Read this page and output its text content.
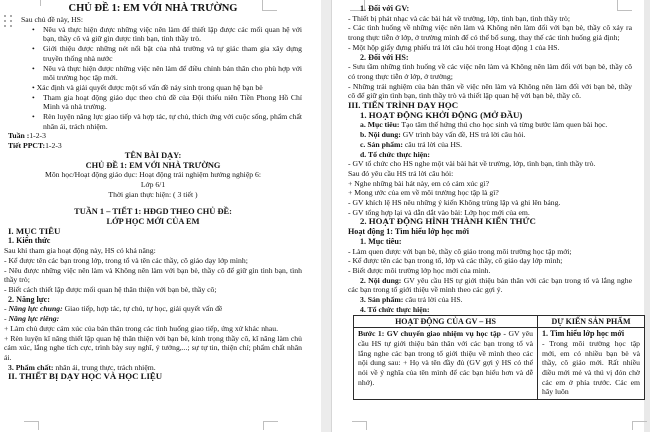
CHỦ ĐỀ 1: EM VỚI NHÀ TRƯỜNG
Sau chủ đề này, HS:
• Nêu và thực hiện được những việc nên làm để thiết lập được các mối quan hệ với bạn, thầy cô và giữ gìn được tình bạn, tình thầy trò.
• Giới thiệu được những nét nổi bật của nhà trường và tự giác tham gia xây dựng truyền thống nhà nước
• Nêu và thực hiện được những việc nên làm để điều chỉnh bản thân cho phù hợp với môi trường học tập mới.
• Xác định và giải quyết được một số vấn đề nảy sinh trong quan hệ bạn bè
• Tham gia hoạt động giáo dục theo chủ đề của Đội thiếu niên Tiền Phong Hồ Chí Minh và nhà trường.
• Rèn luyện năng lực giao tiếp và hợp tác, tự chủ, thích ứng với cuộc sống, phẩm chất nhân ái, trách nhiệm.
Tuần :1-2-3
Tiết PPCT:1-2-3
TÊN BÀI DẠY:
CHỦ ĐỀ 1: EM VỚI NHÀ TRƯỜNG
Môn học/Hoạt động giáo dục: Hoạt động trải nghiệm hướng nghiệp 6:
Lớp 6/1
Thời gian thực hiện: ( 3 tiết )
TUẦN 1 – TIẾT 1: HĐGD THEO CHỦ ĐỀ:
LỚP HỌC MỚI CỦA EM
I. MỤC TIÊU
1. Kiến thức
Sau khi tham gia hoạt động này, HS có khả năng:
- Kể được tên các bạn trong lớp, trong tổ và tên các thầy, cô giáo dạy lớp mình;
- Nêu được những việc nên làm và Không nên làm với bạn bè, thầy cô để giữ gìn tình bạn, tình thầy trò;
- Biết cách thiết lập được mối quan hệ thân thiện với bạn bè, thầy cô;
2. Năng lực:
- Năng lực chung: Giao tiếp, hợp tác, tự chủ, tự học, giải quyết vấn đề
- Năng lực riêng:
+ Làm chủ được cảm xúc của bản thân trong các tình huống giao tiếp, ứng xử khác nhau.
+ Rèn luyện kĩ năng thiết lập quan hệ thân thiện với bạn bè, kính trọng thầy cô, kĩ năng làm chủ cảm xúc, lắng nghe tích cực, trình bày suy nghĩ, ý tưởng,...; sự tự tin, thiện chí; phẩm chất nhân ái.
3. Phẩm chất: nhân ái, trung thực, trách nhiệm.
II. THIẾT BỊ DẠY HỌC VÀ HỌC LIỆU
1. Đối với GV:
- Thiết bị phát nhạc và các bài hát về trường, lớp, tình bạn, tình thầy trò;
- Các tình huống về những việc nên làm và Không nên làm đối với bạn bè, thầy cô xảy ra trong thực tiễn ở lớp, ở trường mình để có thể bổ sung, thay thế các tình huống giả định;
- Một hộp giấy đựng phiếu trả lời câu hỏi trong Hoạt động 1 của HS.
2. Đối với HS:
- Sưu tầm những tình huống về các việc nên làm và Không nên làm đối với bạn bè, thầy cô có trong thực tiễn ở lớp, ở trường;
- Những trải nghiệm của bản thân về việc nên làm và Không nên làm đối với bạn bè, thầy cô để giữ gìn tình bạn, tình thầy trò và thiết lập quan hệ với bạn bè, thầy cô.
III. TIẾN TRÌNH DẠY HỌC
1. HOẠT ĐỘNG KHỞI ĐỘNG (MỞ ĐẦU)
a. Mục tiêu: Tạo tâm thế hứng thú cho học sinh và từng bước làm quen bài học.
b. Nội dung: GV trình bày vấn đề, HS trả lời câu hỏi.
c. Sản phẩm: câu trả lời của HS.
d. Tổ chức thực hiện:
- GV tổ chức cho HS nghe một vài bài hát về trường, lớp, tình bạn, tình thầy trò.
Sau đó yêu cầu HS trả lời câu hỏi:
+ Nghe những bài hát này, em có cảm xúc gì?
+ Mong ước của em về môi trường học tập là gì?
- GV khích lệ HS nêu những ý kiến Không trùng lặp và ghi lên bảng.
- GV tổng hợp lại và dẫn dắt vào bài: Lớp học mới của em.
2. HOẠT ĐỘNG HÌNH THÀNH KIẾN THỨC
Hoạt động 1: Tìm hiểu lớp học mới
1. Mục tiêu:
- Làm quen được với bạn bè, thầy cô giáo trong môi trường học tập mới;
- Kể được tên các bạn trong tổ, lớp và các thầy, cô giáo dạy lớp mình;
- Biết được môi trường lớp học mới của mình.
2. Nội dung: GV yêu cầu HS tự giới thiệu bản thân với các bạn trong tổ và lắng nghe các bạn trong tổ giới thiệu về mình theo các gợi ý.
3. Sản phẩm: câu trả lời của HS.
4. Tổ chức thực hiện:
HOẠT ĐỘNG CỦA GV – HS	DỰ KIẾN SẢN PHẨM

Bước 1: GV chuyển giao nhiệm vụ học tập - GV yêu cầu HS tự giới thiệu bản thân với các bạn trong tổ và lắng nghe các bạn trong tổ giới thiệu về mình theo các nội dung sau: + Họ và tên đầy đủ (GV gợi ý HS có thể nói về ý nghĩa của tên mình để các bạn hiểu hơn và dễ nhớ).	1. Tìm hiểu lớp học mới
- Trong môi trường học tập mới, em có nhiều bạn bè và thầy, cô giáo mới. Rất nhiều điều mới mẻ và thú vị đón chờ các em ở phía trước. Các em hãy luôn
